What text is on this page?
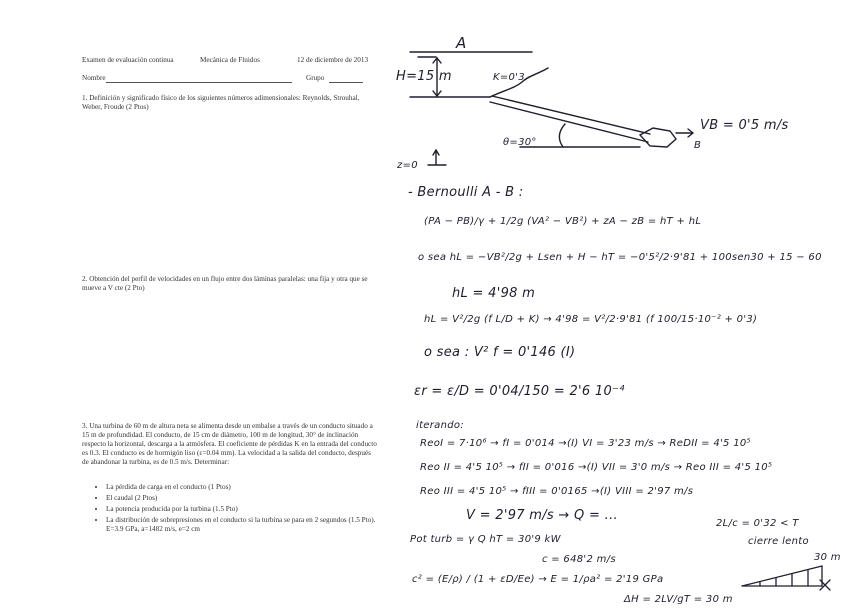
Examen de evaluación continua	Mecánica de Fluidos	12 de diciembre de 2013
Nombre	Grupo
1. Definición y significado físico de los siguientes números adimensionales: Reynolds, Strouhal, Weber, Froude (2 Ptos)
2. Obtención del perfil de velocidades en un flujo entre dos láminas paralelas: una fija y otra que se mueve a V cte (2 Pto)
3. Una turbina de 60 m de altura neta se alimenta desde un embalse a través de un conducto situado a 15 m de profundidad. El conducto, de 15 cm de diámetro, 100 m de longitud, 30° de inclinación respecto la horizontal, descarga a la atmósfera. El coeficiente de pérdidas K en la entrada del conducto es 0.3. El conducto es de hormigón liso (ε=0.04 mm). La velocidad a la salida del conducto, después de abandonar la turbina, es de 0.5 m/s. Determinar:
• La pérdida de carga en el conducto (1 Ptos)
• El caudal (2 Ptos)
• La potencia producida por la turbina (1.5 Pto)
• La distribución de sobrepresiones en el conducto si la turbina se para en 2 segundos (1.5 Pto). E=3.9 GPa, a=1482 m/s, e=2 cm
A
H=15 m	K=0'3
VB = 0'5 m/s
B
θ=30°
z=0
- Bernoulli A - B :
(PA − PB)/γ + 1/2g (VA² − VB²) + zA − zB = hT + hL
o sea hL = −VB²/2g + Lsen + H − hT = −0'5²/2·9'81 + 100sen30 + 15 − 60
hL = 4'98 m
hL = V²/2g (f L/D + K) → 4'98 = V²/2·9'81 (f 100/15·10⁻² + 0'3)
o sea : V² f = 0'146 (I)
εr = ε/D = 0'04/150 = 2'6 10⁻⁴
iterando:
ReoI = 7·10⁶ → fI = 0'014 →(I) VI = 3'23 m/s → ReDII = 4'5 10⁵
Reo II = 4'5 10⁵ → fII = 0'016 →(I) VII = 3'0 m/s → Reo III = 4'5 10⁵
Reo III = 4'5 10⁵ → fIII = 0'0165 →(I) VIII = 2'97 m/s
V = 2'97 m/s → Q = ...
Pot turb = γ Q hT = 30'9 kW
c = 648'2 m/s
c² = (E/ρ) / (1 + εD/Ee) → E = 1/ρa² = 2'19 GPa
ΔH = 2LV/gT = 30 m
2L/c = 0'32 < T
cierre lento
30 m
